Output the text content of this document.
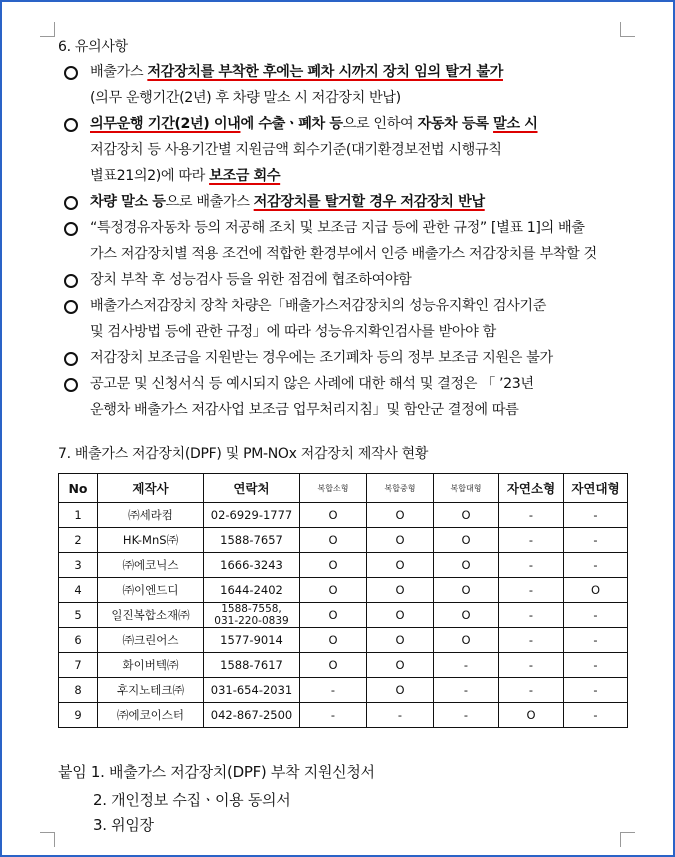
6. 유의사항
배출가스 저감장치를 부착한 후에는 폐차 시까지 장치 임의 탈거 불가
(의무 운행기간(2년) 후 차량 말소 시 저감장치 반납)
의무운행 기간(2년) 이내에 수출ㆍ폐차 등으로 인하여 자동차 등록 말소 시
저감장치 등 사용기간별 지원금액 회수기준(대기환경보전법 시행규칙
별표21의2)에 따라 보조금 회수
차량 말소 등으로 배출가스 저감장치를 탈거할 경우 저감장치 반납
“특정경유자동차 등의 저공해 조치 및 보조금 지급 등에 관한 규정” [별표 1]의 배출
가스 저감장치별 적용 조건에 적합한 환경부에서 인증 배출가스 저감장치를 부착할 것
장치 부착 후 성능검사 등을 위한 점검에 협조하여야함
배출가스저감장치 장착 차량은「배출가스저감장치의 성능유지확인 검사기준
및 검사방법 등에 관한 규정」에 따라 성능유지확인검사를 받아야 함
저감장치 보조금을 지원받는 경우에는 조기폐차 등의 정부 보조금 지원은 불가
공고문 및 신청서식 등 예시되지 않은 사례에 대한 해석 및 결정은 「 ’23년
운행차 배출가스 저감사업 보조금 업무처리지침」및 함안군 결정에 따름
7. 배출가스 저감장치(DPF) 및 PM-NOx 저감장치 제작사 현황
No	제작사	연락처	복합소형	복합중형	복합대형	자연소형	자연대형
1	㈜세라컴	02-6929-1777	O	O	O	-	-
2	HK-MnS㈜	1588-7657	O	O	O	-	-
3	㈜에코닉스	1666-3243	O	O	O	-	-
4	㈜이엔드디	1644-2402	O	O	O	-	O
5	일진복합소재㈜	1588-7558,
031-220-0839	O	O	O	-	-
6	㈜크린어스	1577-9014	O	O	O	-	-
7	화이버텍㈜	1588-7617	O	O	-	-	-
8	후지노테크㈜	031-654-2031	-	O	-	-	-
9	㈜에코이스터	042-867-2500	-	-	-	O	-
붙임 1. 배출가스 저감장치(DPF) 부착 지원신청서
2. 개인정보 수집ㆍ이용 동의서
3. 위임장
